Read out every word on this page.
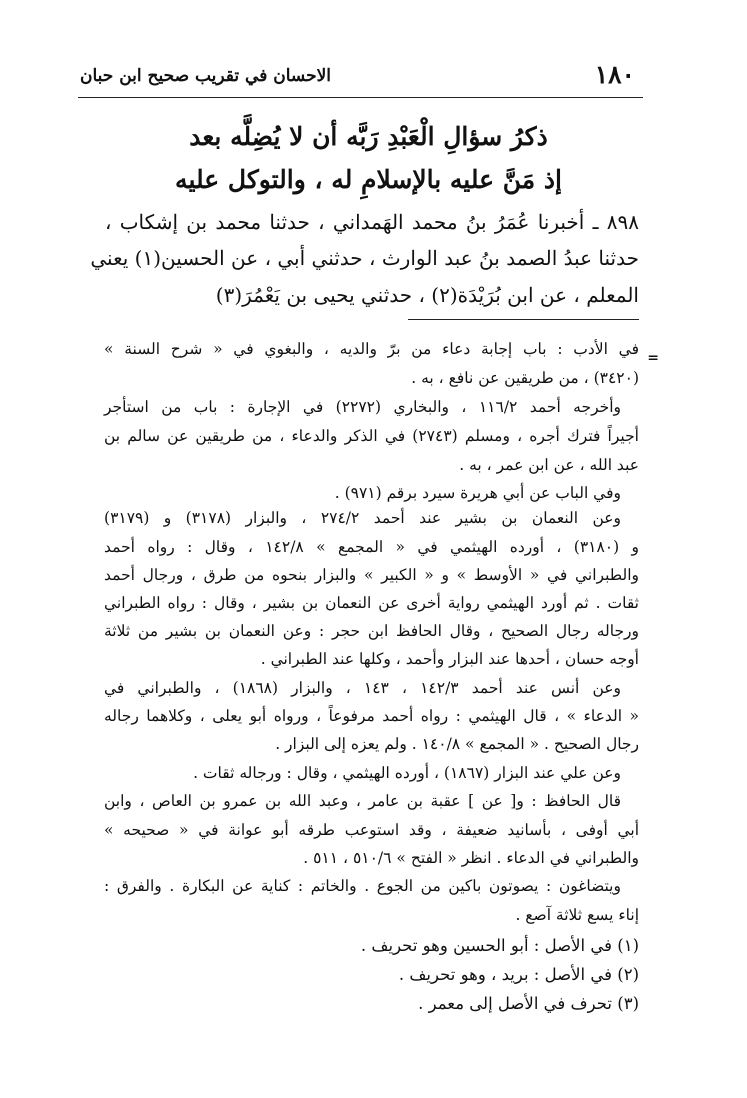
١٨٠
الاحسان في تقريب صحيح ابن حبان
ذكرُ سؤالِ الْعَبْدِ رَبَّه أن لا يُضِلَّه بعد
إذ مَنَّ عليه بالإسلامِ له ، والتوكل عليه
٨٩٨ ـ أخبرنا عُمَرُ بنُ محمد الهَمداني ، حدثنا محمد بن إشكاب ،
حدثنا عبدُ الصمد بنُ عبد الوارث ، حدثني أبي ، عن الحسين(١) يعني
المعلم ، عن ابن بُرَيْدَة(٢) ، حدثني يحيى بن يَعْمُرَ(٣)
=
في الأدب : باب إجابة دعاء من برّ والديه ، والبغوي في « شرح السنة »
(٣٤٢٠) ، من طريقين عن نافع ، به .
وأخرجه أحمد ١١٦/٢ ، والبخاري (٢٢٧٢) في الإجارة : باب من استأجر
أجيراً فترك أجره ، ومسلم (٢٧٤٣) في الذكر والدعاء ، من طريقين عن سالم بن
عبد الله ، عن ابن عمر ، به .
وفي الباب عن أبي هريرة سيرد برقم (٩٧١) .
وعن النعمان بن بشير عند أحمد ٢٧٤/٢ ، والبزار (٣١٧٨) و (٣١٧٩)
و (٣١٨٠) ، أورده الهيثمي في « المجمع » ١٤٢/٨ ، وقال : رواه أحمد
والطبراني في « الأوسط » و « الكبير » والبزار بنحوه من طرق ، ورجال أحمد
ثقات . ثم أورد الهيثمي رواية أخرى عن النعمان بن بشير ، وقال : رواه الطبراني
ورجاله رجال الصحيح ، وقال الحافظ ابن حجر : وعن النعمان بن بشير من ثلاثة
أوجه حسان ، أحدها عند البزار وأحمد ، وكلها عند الطبراني .
وعن أنس عند أحمد ١٤٢/٣ ، ١٤٣ ، والبزار (١٨٦٨) ، والطبراني في
« الدعاء » ، قال الهيثمي : رواه أحمد مرفوعاً ، ورواه أبو يعلى ، وكلاهما رجاله
رجال الصحيح . « المجمع » ١٤٠/٨ . ولم يعزه إلى البزار .
وعن علي عند البزار (١٨٦٧) ، أورده الهيثمي ، وقال : ورجاله ثقات .
قال الحافظ : و[ عن ] عقبة بن عامر ، وعبد الله بن عمرو بن العاص ، وابن
أبي أوفى ، بأسانيد ضعيفة ، وقد استوعب طرقه أبو عوانة في « صحيحه »
والطبراني في الدعاء . انظر « الفتح » ٥١٠/٦ ، ٥١١ .
ويتضاغون : يصوتون باكين من الجوع . والخاتم : كناية عن البكارة . والفرق :
إناء يسع ثلاثة آصع .
(١) في الأصل : أبو الحسين وهو تحريف .
(٢) في الأصل : بريد ، وهو تحريف .
(٣) تحرف في الأصل إلى معمر .
